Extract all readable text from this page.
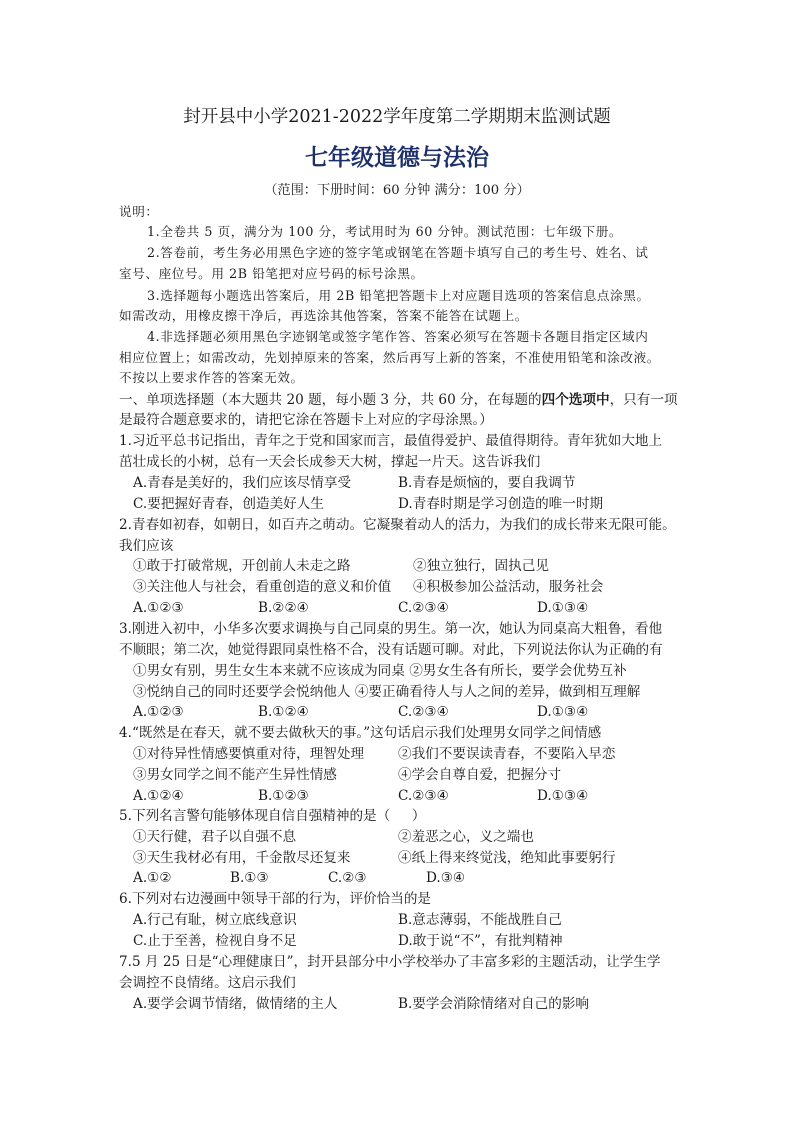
封开县中小学2021-2022学年度第二学期期末监测试题
七年级道德与法治
（范围：下册时间：60 分钟 满分：100 分）
说明：
1.全卷共 5 页，满分为 100 分，考试用时为 60 分钟。测试范围：七年级下册。
2.答卷前，考生务必用黑色字迹的签字笔或钢笔在答题卡填写自己的考生号、姓名、试
室号、座位号。用 2B 铅笔把对应号码的标号涂黑。
3.选择题每小题选出答案后，用 2B 铅笔把答题卡上对应题目选项的答案信息点涂黑。
如需改动，用橡皮擦干净后，再选涂其他答案，答案不能答在试题上。
4.非选择题必须用黑色字迹钢笔或签字笔作答、答案必须写在答题卡各题目指定区域内
相应位置上；如需改动，先划掉原来的答案，然后再写上新的答案，不准使用铅笔和涂改液。
不按以上要求作答的答案无效。
一、单项选择题（本大题共 20 题，每小题 3 分，共 60 分，在每题的四个选项中，只有一项
是最符合题意要求的，请把它涂在答题卡上对应的字母涂黑。）
1.习近平总书记指出，青年之于党和国家而言，最值得爱护、最值得期待。青年犹如大地上
茁壮成长的小树，总有一天会长成参天大树，撑起一片天。这告诉我们
A.青春是美好的，我们应该尽情享受	B.青春是烦恼的，要自我调节
C.要把握好青春，创造美好人生	D.青春时期是学习创造的唯一时期
2.青春如初春，如朝日，如百卉之萌动。它凝聚着动人的活力，为我们的成长带来无限可能。
我们应该
①敢于打破常规，开创前人未走之路	②独立独行，固执己见
③关注他人与社会，看重创造的意义和价值 ④积极参加公益活动，服务社会
A.①②③	B.②②④	C.②③④	D.①③④
3.刚进入初中，小华多次要求调换与自己同桌的男生。第一次，她认为同桌高大粗鲁，看他
不顺眼；第二次，她觉得跟同桌性格不合，没有话题可聊。对此，下列说法你认为正确的有
①男女有别，男生女生本来就不应该成为同桌 ②男女生各有所长，要学会优势互补
③悦纳自己的同时还要学会悦纳他人 ④要正确看待人与人之间的差异，做到相互理解
A.①②③	B.①②④	C.②③④	D.①③④
4.“既然是在春天，就不要去做秋天的事。”这句话启示我们处理男女同学之间情感
①对待异性情感要慎重对待，理智处理 ②我们不要误读青春，不要陷入早恋
③男女同学之间不能产生异性情感	④学会自尊自爱，把握分寸
A.①②④	B.①②③	C.②③④	D.①③④
5.下列名言警句能够体现自信自强精神的是（     ）
①天行健，君子以自强不息	②羞恶之心，义之端也
③天生我材必有用，千金散尽还复来	④纸上得来终觉浅，绝知此事要躬行
A.①②	B.①③	C.②③	D.③④
6.下列对右边漫画中领导干部的行为，评价恰当的是
A.行己有耻，树立底线意识	B.意志薄弱，不能战胜自己
C.止于至善，检视自身不足	D.敢于说“不”，有批判精神
7.5 月 25 日是“心理健康日”，封开县部分中小学校举办了丰富多彩的主题活动，让学生学
会调控不良情绪。这启示我们
A.要学会调节情绪，做情绪的主人	B.要学会消除情绪对自己的影响
